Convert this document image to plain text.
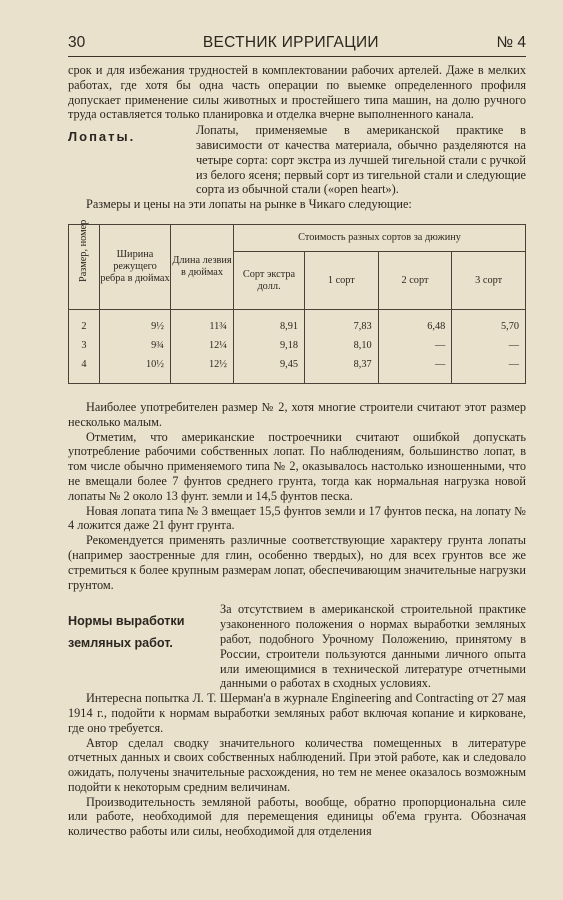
30	ВЕСТНИК ИРРИГАЦИИ	№ 4

срок и для избежания трудностей в комплектовании рабочих артелей. Даже в мелких работах, где хотя бы одна часть операции по выемке определенного профиля допускает применение силы животных и простейшего типа машин, на долю ручного труда оставляется только планировка и отделка вчерне выполненного канала.

Лопаты.	Лопаты, применяемые в американской практике в зависимости от качества материала, обычно разделяются на четыре сорта: сорт экстра из лучшей тигельной стали с ручкой из белого ясеня; первый сорт из тигельной стали и следующие сорта из обычной стали («open heart»).

Размеры и цены на эти лопаты на рынке в Чикаго следующие:

Размер, номер	Ширина режущего ребра в дюймах	Длина лезвия в дюймах	Стоимость разных сортов за дюжину			
			Сорт экстра долл.	1 сорт	2 сорт	3 сорт
2	9½	11¾	8,91	7,83	6,48	5,70
3	9¾	12¼	9,18	8,10	—	—
4	10½	12½	9,45	8,37	—	—

Наиболее употребителен размер № 2, хотя многие строители считают этот размер несколько малым.

Отметим, что американские построечники считают ошибкой допускать употребление рабочими собственных лопат. По наблюдениям, большинство лопат, в том числе обычно применяемого типа № 2, оказывалось настолько изношенными, что не вмещали более 7 фунтов среднего грунта, тогда как нормальная нагрузка новой лопаты № 2 около 13 фунт. земли и 14,5 фунтов песка.

Новая лопата типа № 3 вмещает 15,5 фунтов земли и 17 фунтов песка, на лопату № 4 ложится даже 21 фунт грунта.

Рекомендуется применять различные соответствующие характеру грунта лопаты (например заостренные для глин, особенно твердых), но для всех грунтов все же стремиться к более крупным размерам лопат, обеспечивающим значительные нагрузки грунтом.

Нормы выработки
земляных работ.

За отсутствием в американской строительной практике узаконенного положения о нормах выработки земляных работ, подобного Урочному Положению, принятому в России, строители пользуются данными личного опыта или имеющимися в технической литературе отчетными данными о работах в сходных условиях.

Интересна попытка Л. Т. Шерман'а в журнале Engineering and Contracting от 27 мая 1914 г., подойти к нормам выработки земляных работ включая копание и кирковане, где оно требуется.

Автор сделал сводку значительного количества помещенных в литературе отчетных данных и своих собственных наблюдений. При этой работе, как и следовало ожидать, получены значительные расхождения, но тем не менее оказалось возможным подойти к некоторым средним величинам.

Производительность земляной работы, вообще, обратно пропорциональна силе или работе, необходимой для перемещения единицы об'ема грунта. Обозначая количество работы или силы, необходимой для отделения
